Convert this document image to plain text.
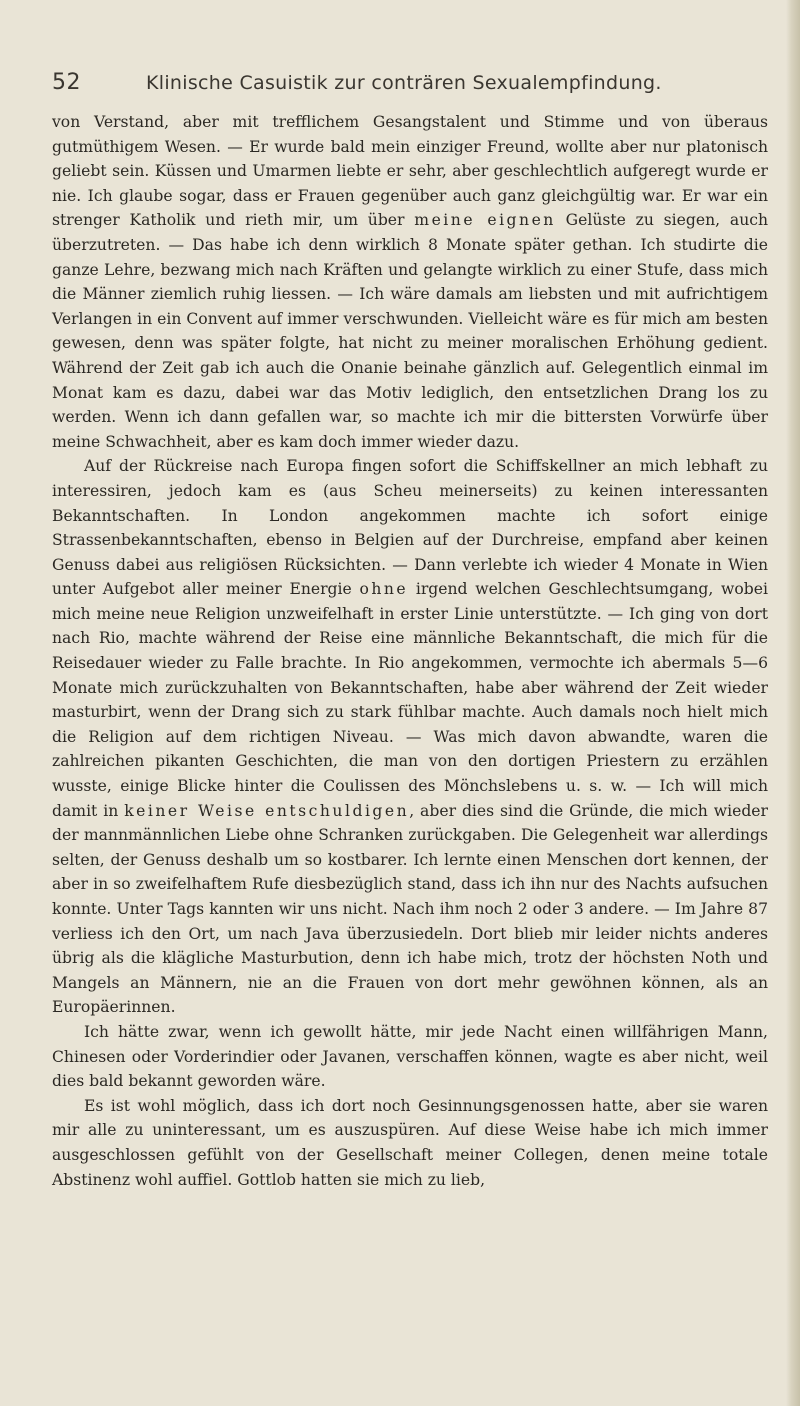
52	Klinische Casuistik zur conträren Sexualempfindung.

von Verstand, aber mit trefflichem Gesangstalent und Stimme und von überaus gutmüthigem Wesen. — Er wurde bald mein einziger Freund, wollte aber nur platonisch geliebt sein. Küssen und Umarmen liebte er sehr, aber geschlechtlich aufgeregt wurde er nie. Ich glaube sogar, dass er Frauen gegenüber auch ganz gleichgültig war. Er war ein strenger Katholik und rieth mir, um über meine eignen Gelüste zu siegen, auch überzutreten. — Das habe ich denn wirklich 8 Monate später gethan. Ich studirte die ganze Lehre, bezwang mich nach Kräften und gelangte wirklich zu einer Stufe, dass mich die Männer ziemlich ruhig liessen. — Ich wäre damals am liebsten und mit aufrichtigem Verlangen in ein Convent auf immer verschwunden. Vielleicht wäre es für mich am besten gewesen, denn was später folgte, hat nicht zu meiner moralischen Erhöhung gedient. Während der Zeit gab ich auch die Onanie beinahe gänzlich auf. Gelegentlich einmal im Monat kam es dazu, dabei war das Motiv lediglich, den entsetzlichen Drang los zu werden. Wenn ich dann gefallen war, so machte ich mir die bittersten Vorwürfe über meine Schwachheit, aber es kam doch immer wieder dazu.

Auf der Rückreise nach Europa fingen sofort die Schiffskellner an mich lebhaft zu interessiren, jedoch kam es (aus Scheu meinerseits) zu keinen interessanten Bekanntschaften. In London angekommen machte ich sofort einige Strassenbekanntschaften, ebenso in Belgien auf der Durchreise, empfand aber keinen Genuss dabei aus religiösen Rücksichten. — Dann verlebte ich wieder 4 Monate in Wien unter Aufgebot aller meiner Energie ohne irgend welchen Geschlechtsumgang, wobei mich meine neue Religion unzweifelhaft in erster Linie unterstützte. — Ich ging von dort nach Rio, machte während der Reise eine männliche Bekanntschaft, die mich für die Reisedauer wieder zu Falle brachte. In Rio angekommen, vermochte ich abermals 5—6 Monate mich zurückzuhalten von Bekanntschaften, habe aber während der Zeit wieder masturbirt, wenn der Drang sich zu stark fühlbar machte. Auch damals noch hielt mich die Religion auf dem richtigen Niveau. — Was mich davon abwandte, waren die zahlreichen pikanten Geschichten, die man von den dortigen Priestern zu erzählen wusste, einige Blicke hinter die Coulissen des Mönchslebens u. s. w. — Ich will mich damit in keiner Weise entschuldigen, aber dies sind die Gründe, die mich wieder der mannmännlichen Liebe ohne Schranken zurückgaben. Die Gelegenheit war allerdings selten, der Genuss deshalb um so kostbarer. Ich lernte einen Menschen dort kennen, der aber in so zweifelhaftem Rufe diesbezüglich stand, dass ich ihn nur des Nachts aufsuchen konnte. Unter Tags kannten wir uns nicht. Nach ihm noch 2 oder 3 andere. — Im Jahre 87 verliess ich den Ort, um nach Java überzusiedeln. Dort blieb mir leider nichts anderes übrig als die klägliche Masturbution, denn ich habe mich, trotz der höchsten Noth und Mangels an Männern, nie an die Frauen von dort mehr gewöhnen können, als an Europäerinnen.

Ich hätte zwar, wenn ich gewollt hätte, mir jede Nacht einen willfährigen Mann, Chinesen oder Vorderindier oder Javanen, verschaffen können, wagte es aber nicht, weil dies bald bekannt geworden wäre.

Es ist wohl möglich, dass ich dort noch Gesinnungsgenossen hatte, aber sie waren mir alle zu uninteressant, um es auszuspüren. Auf diese Weise habe ich mich immer ausgeschlossen gefühlt von der Gesellschaft meiner Collegen, denen meine totale Abstinenz wohl auffiel. Gottlob hatten sie mich zu lieb,
